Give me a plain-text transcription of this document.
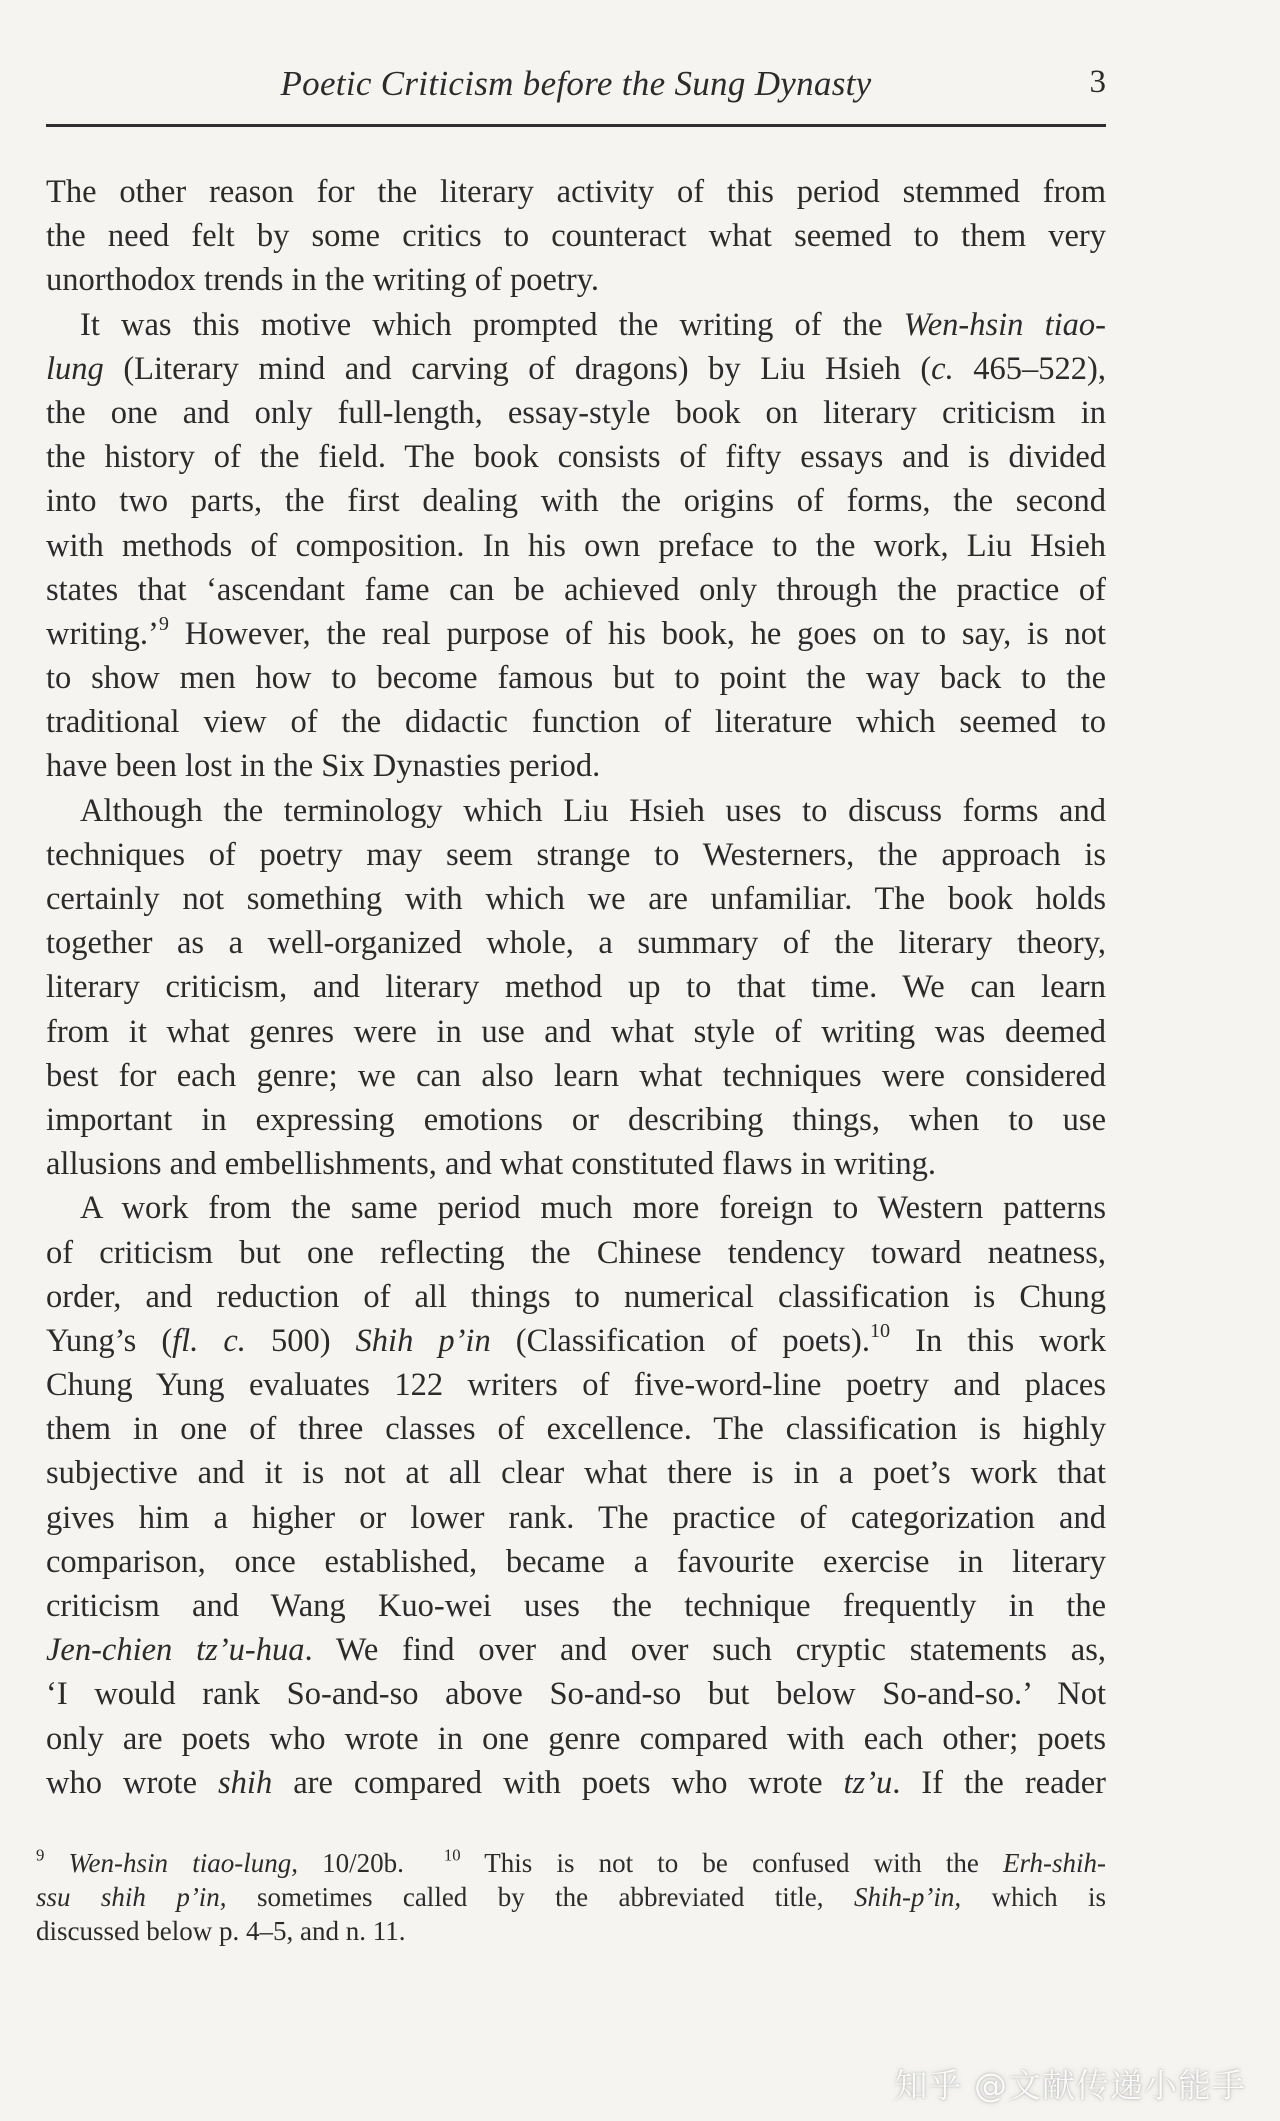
Poetic Criticism before the Sung Dynasty	3
The other reason for the literary activity of this period stemmed from
the need felt by some critics to counteract what seemed to them very
unorthodox trends in the writing of poetry.
It was this motive which prompted the writing of the Wen-hsin tiao-
lung (Literary mind and carving of dragons) by Liu Hsieh (c. 465–522),
the one and only full-length, essay-style book on literary criticism in
the history of the field. The book consists of fifty essays and is divided
into two parts, the first dealing with the origins of forms, the second
with methods of composition. In his own preface to the work, Liu Hsieh
states that ‘ascendant fame can be achieved only through the practice of
writing.’$^9$ However, the real purpose of his book, he goes on to say, is not
to show men how to become famous but to point the way back to the
traditional view of the didactic function of literature which seemed to
have been lost in the Six Dynasties period.
Although the terminology which Liu Hsieh uses to discuss forms and
techniques of poetry may seem strange to Westerners, the approach is
certainly not something with which we are unfamiliar. The book holds
together as a well-organized whole, a summary of the literary theory,
literary criticism, and literary method up to that time. We can learn
from it what genres were in use and what style of writing was deemed
best for each genre; we can also learn what techniques were considered
important in expressing emotions or describing things, when to use
allusions and embellishments, and what constituted flaws in writing.
A work from the same period much more foreign to Western patterns
of criticism but one reflecting the Chinese tendency toward neatness,
order, and reduction of all things to numerical classification is Chung
Yung’s (fl. c. 500) Shih p’in (Classification of poets).$^{10}$ In this work
Chung Yung evaluates 122 writers of five-word-line poetry and places
them in one of three classes of excellence. The classification is highly
subjective and it is not at all clear what there is in a poet’s work that
gives him a higher or lower rank. The practice of categorization and
comparison, once established, became a favourite exercise in literary
criticism and Wang Kuo-wei uses the technique frequently in the
Jen-chien tz’u-hua. We find over and over such cryptic statements as,
‘I would rank So-and-so above So-and-so but below So-and-so.’ Not
only are poets who wrote in one genre compared with each other; poets
who wrote shih are compared with poets who wrote tz’u. If the reader
$^9$ Wen-hsin tiao-lung, 10/20b. $^{10}$ This is not to be confused with the Erh-shih-
ssu shih p’in, sometimes called by the abbreviated title, Shih-p’in, which is
discussed below p. 4–5, and n. 11.
知乎 @文献传递小能手
